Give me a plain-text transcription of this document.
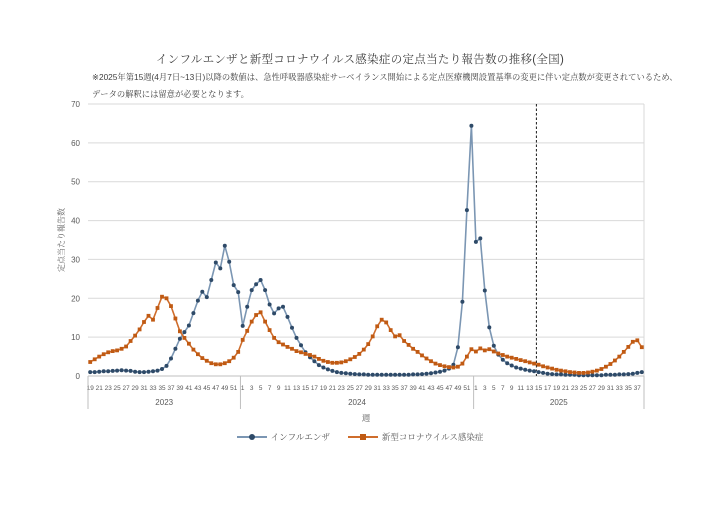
インフルエンザと新型コロナウイルス感染症の定点当たり報告数の推移(全国)
※2025年第15週(4月7日~13日)以降の数値は、急性呼吸器感染症サーベイランス開始による定点医療機関設置基準の変更に伴い定点数が変更されているため、
データの解釈には留意が必要となります。
0
10
20
30
40
50
60
70
19 21 23 25 27 29 31 33 35 37 39 41 43 45 47 49 51 1 3 5 7 9 11 13 15 17 19 21 23 25 27 29 31 33 35 37 39 41 43 45 47 49 51 1 3 5 7 9 11 13 15 17 19 21 23 25 27 29 31 33 35 37
2023	2024	2025
定点当たり報告数
週
インフルエンザ	新型コロナウイルス感染症
